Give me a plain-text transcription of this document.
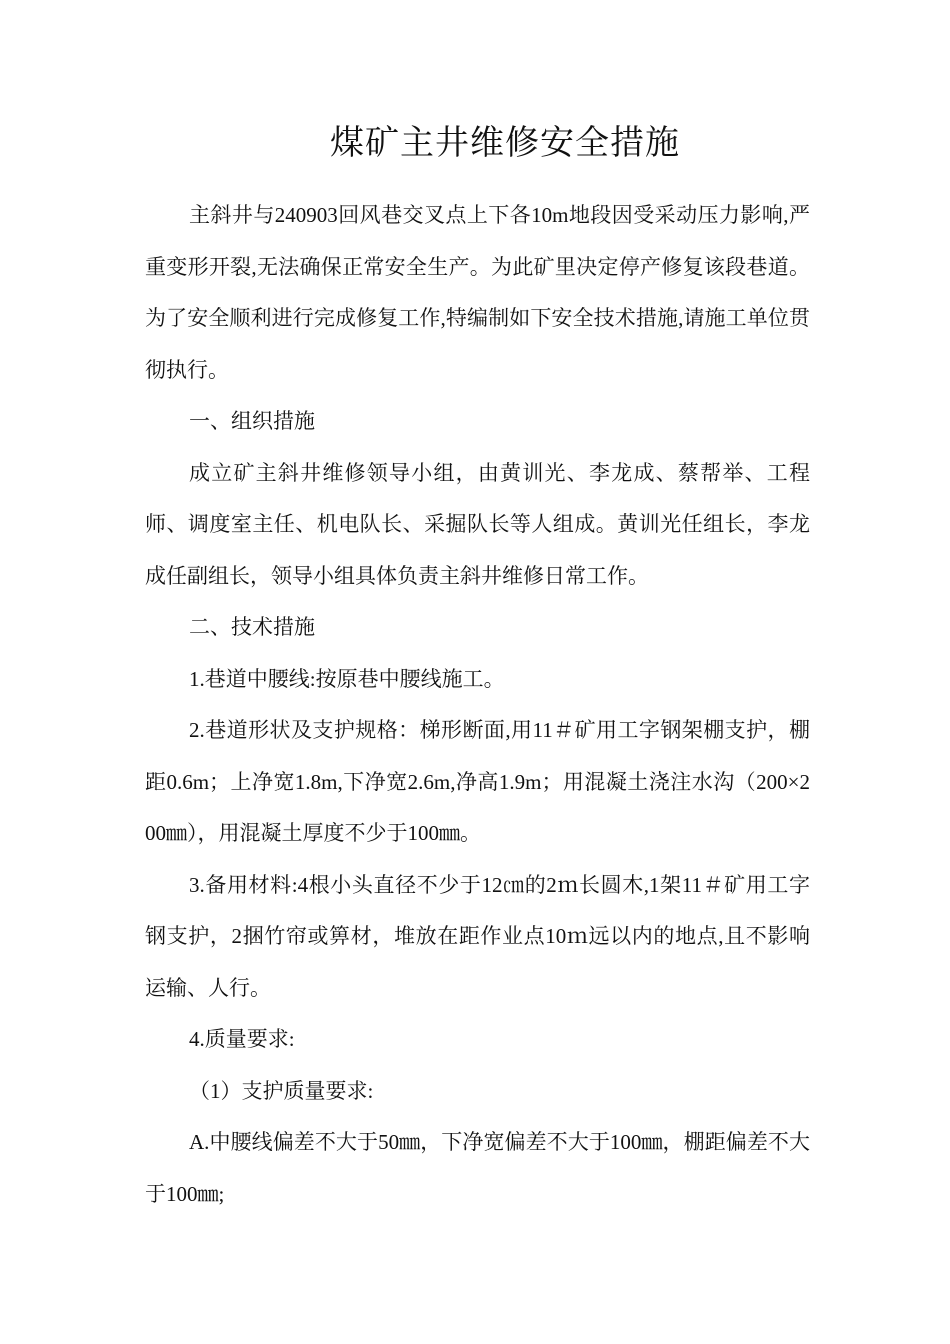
煤矿主井维修安全措施

主斜井与240903回风巷交叉点上下各10m地段因受采动压力影响,严重变形开裂,无法确保正常安全生产。为此矿里决定停产修复该段巷道。为了安全顺利进行完成修复工作,特编制如下安全技术措施,请施工单位贯彻执行。

一、组织措施

成立矿主斜井维修领导小组，由黄训光、李龙成、蔡帮举、工程师、调度室主任、机电队长、采掘队长等人组成。黄训光任组长，李龙成任副组长，领导小组具体负责主斜井维修日常工作。

二、技术措施

1.巷道中腰线:按原巷中腰线施工。

2.巷道形状及支护规格：梯形断面,用11＃矿用工字钢架棚支护，棚距0.6m；上净宽1.8m,下净宽2.6m,净高1.9m；用混凝土浇注水沟（200×200㎜），用混凝土厚度不少于100㎜。

3.备用材料:4根小头直径不少于12㎝的2ｍ长圆木,1架11＃矿用工字钢支护，2捆竹帘或箅材，堆放在距作业点10ｍ远以内的地点,且不影响运输、人行。

4.质量要求:

（1）支护质量要求:

A.中腰线偏差不大于50㎜，下净宽偏差不大于100㎜，棚距偏差不大于100㎜;
